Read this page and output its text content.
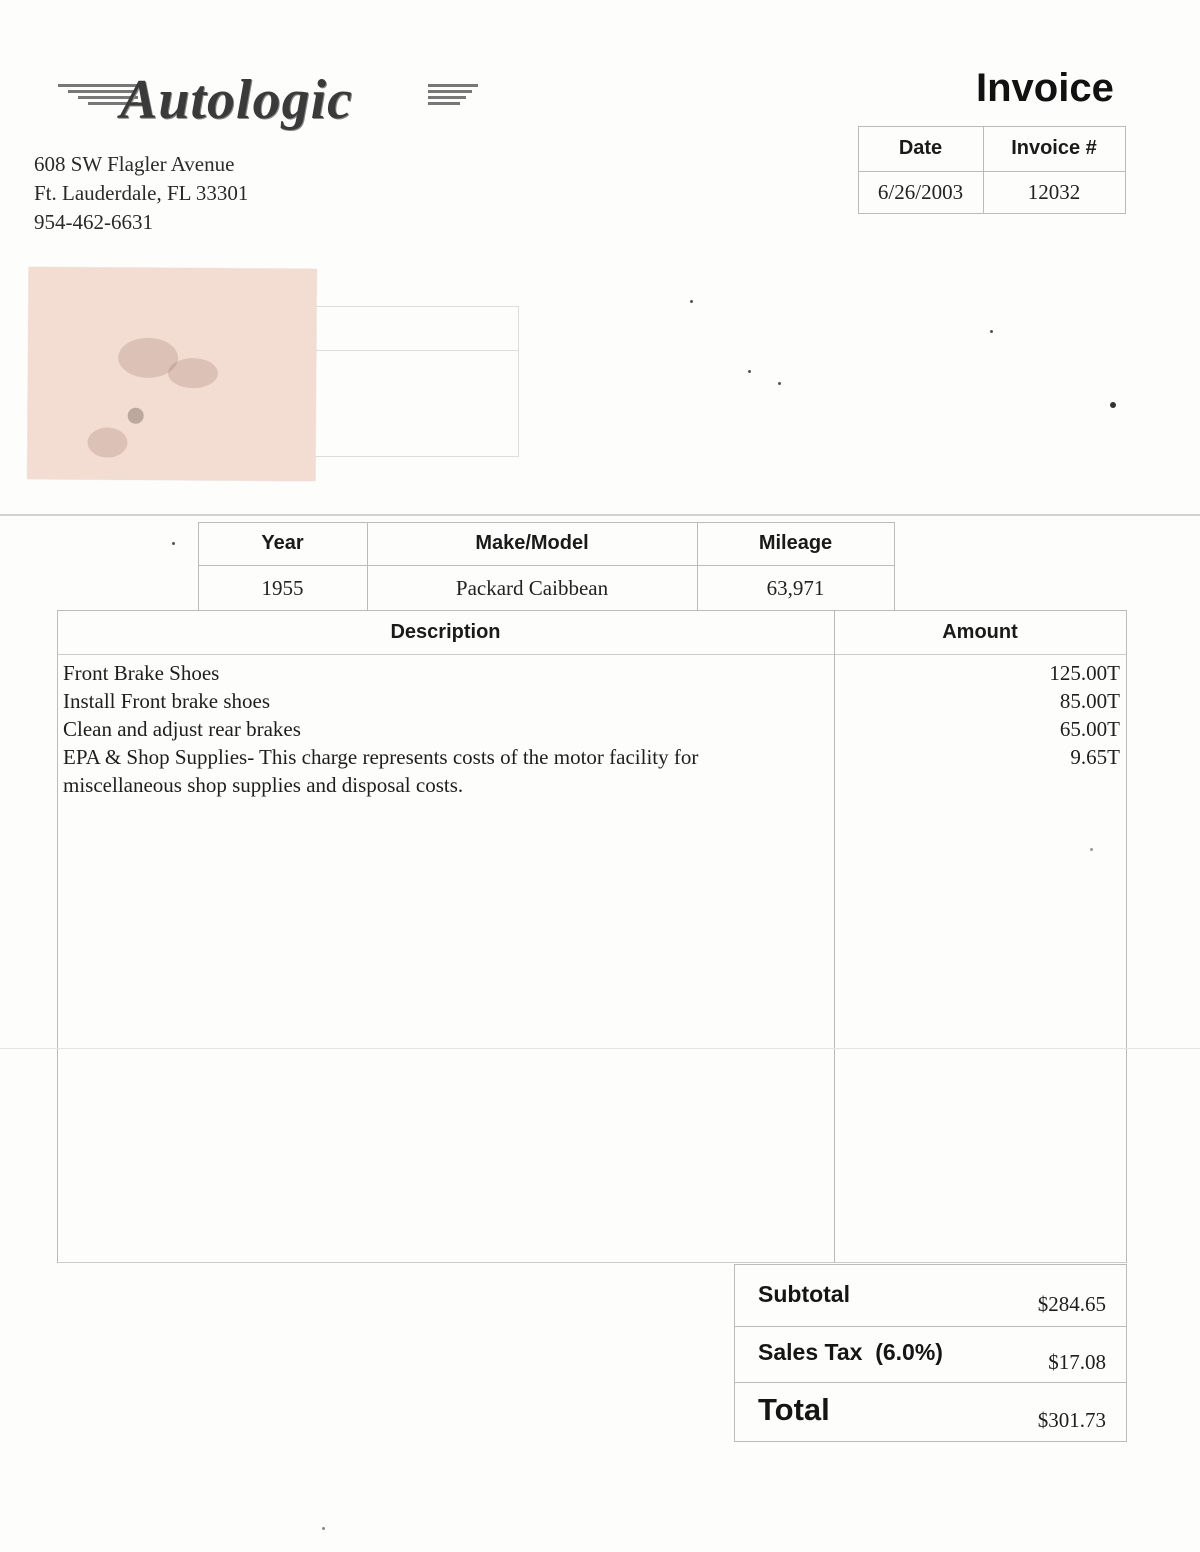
Autologic
608 SW Flagler Avenue
Ft. Lauderdale, FL 33301
954-462-6631
Invoice
Date	Invoice #
6/26/2003	12032
Year	Make/Model	Mileage
1955	Packard Caibbean	63,971
Description	Amount
Front Brake Shoes	125.00T
Install Front brake shoes	85.00T
Clean and adjust rear brakes	65.00T
EPA & Shop Supplies- This charge represents costs of the motor facility for	9.65T
miscellaneous shop supplies and disposal costs.
Subtotal	$284.65
Sales Tax  (6.0%)	$17.08
Total	$301.73
